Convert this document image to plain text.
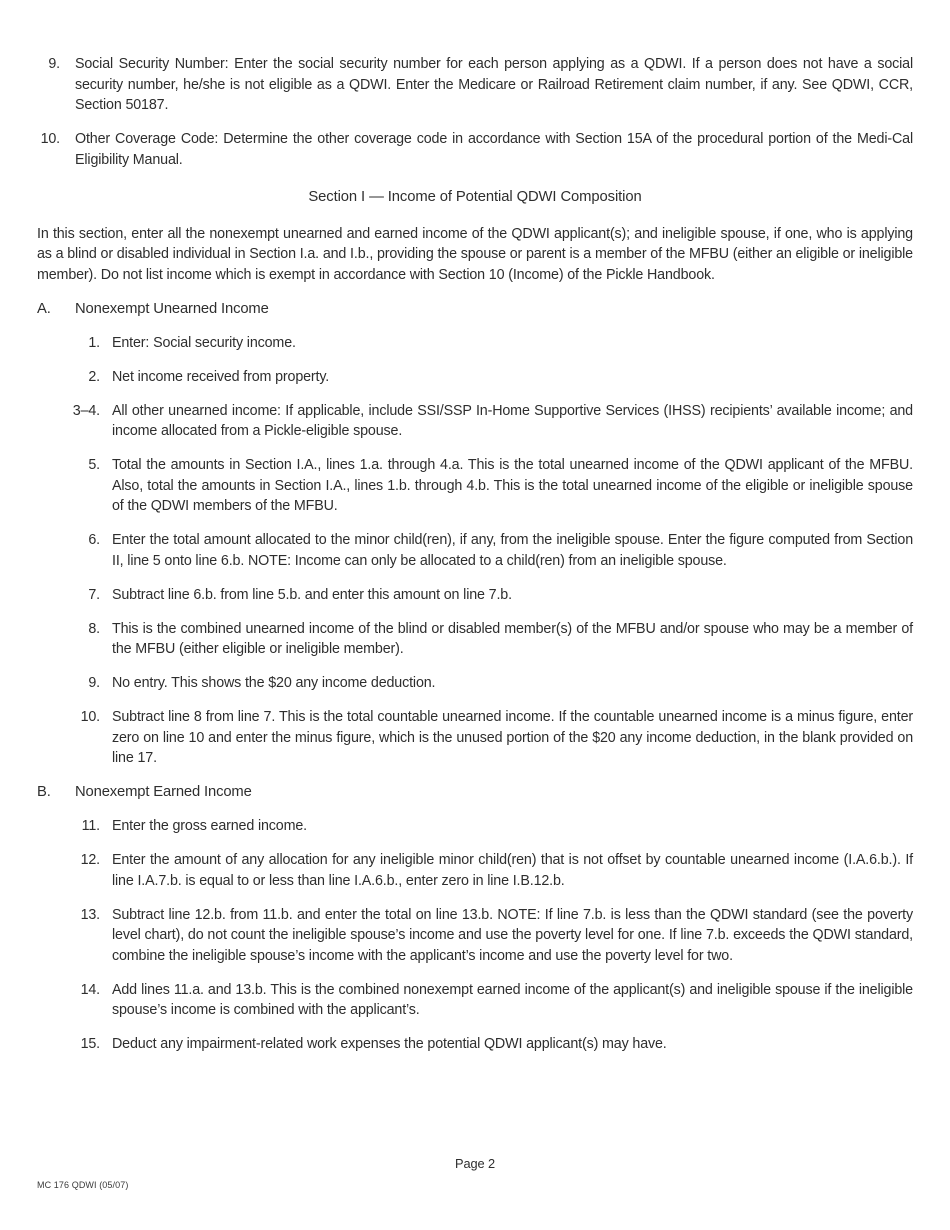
9. Social Security Number: Enter the social security number for each person applying as a QDWI. If a person does not have a social security number, he/she is not eligible as a QDWI. Enter the Medicare or Railroad Retirement claim number, if any. See QDWI, CCR, Section 50187.
10. Other Coverage Code: Determine the other coverage code in accordance with Section 15A of the procedural portion of the Medi-Cal Eligibility Manual.
Section I — Income of Potential QDWI Composition
In this section, enter all the nonexempt unearned and earned income of the QDWI applicant(s); and ineligible spouse, if one, who is applying as a blind or disabled individual in Section I.a. and I.b., providing the spouse or parent is a member of the MFBU (either an eligible or ineligible member). Do not list income which is exempt in accordance with Section 10 (Income) of the Pickle Handbook.
A.	Nonexempt Unearned Income
1. Enter: Social security income.
2. Net income received from property.
3–4. All other unearned income: If applicable, include SSI/SSP In-Home Supportive Services (IHSS) recipients’ available income; and income allocated from a Pickle-eligible spouse.
5. Total the amounts in Section I.A., lines 1.a. through 4.a. This is the total unearned income of the QDWI applicant of the MFBU. Also, total the amounts in Section I.A., lines 1.b. through 4.b. This is the total unearned income of the eligible or ineligible spouse of the QDWI members of the MFBU.
6. Enter the total amount allocated to the minor child(ren), if any, from the ineligible spouse. Enter the figure computed from Section II, line 5 onto line 6.b. NOTE: Income can only be allocated to a child(ren) from an ineligible spouse.
7. Subtract line 6.b. from line 5.b. and enter this amount on line 7.b.
8. This is the combined unearned income of the blind or disabled member(s) of the MFBU and/or spouse who may be a member of the MFBU (either eligible or ineligible member).
9. No entry. This shows the $20 any income deduction.
10. Subtract line 8 from line 7. This is the total countable unearned income. If the countable unearned income is a minus figure, enter zero on line 10 and enter the minus figure, which is the unused portion of the $20 any income deduction, in the blank provided on line 17.
B.	Nonexempt Earned Income
11. Enter the gross earned income.
12. Enter the amount of any allocation for any ineligible minor child(ren) that is not offset by countable unearned income (I.A.6.b.). If line I.A.7.b. is equal to or less than line I.A.6.b., enter zero in line I.B.12.b.
13. Subtract line 12.b. from 11.b. and enter the total on line 13.b. NOTE: If line 7.b. is less than the QDWI standard (see the poverty level chart), do not count the ineligible spouse’s income and use the poverty level for one. If line 7.b. exceeds the QDWI standard, combine the ineligible spouse’s income with the applicant’s income and use the poverty level for two.
14. Add lines 11.a. and 13.b. This is the combined nonexempt earned income of the applicant(s) and ineligible spouse if the ineligible spouse’s income is combined with the applicant’s.
15. Deduct any impairment-related work expenses the potential QDWI applicant(s) may have.
Page 2
MC 176 QDWI (05/07)
